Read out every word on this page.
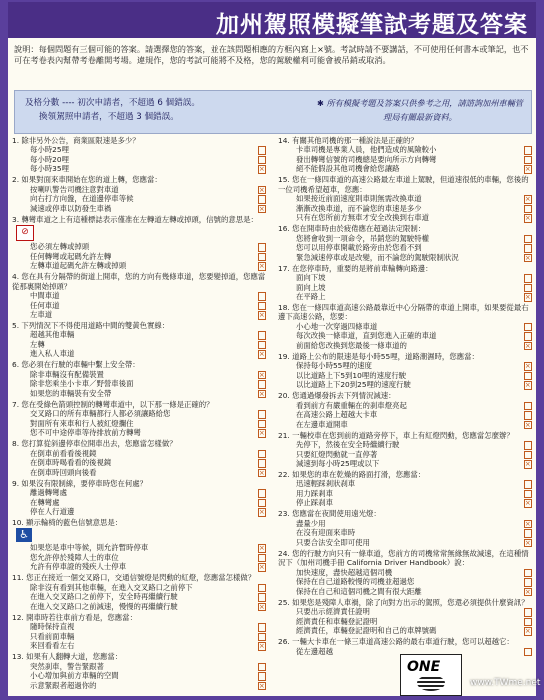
加州駕照模擬筆試考題及答案
說明：每個問題有三個可能的答案。請選擇您的答案，並在該問題相應的方框內寫上×號。考試時請不要講話，不可使用任何書本或筆記，也不可在考卷表內幫帶考卷離開考場。違規作，您的考試可能將不及格，您的駕駛權利可能會被吊銷或取消。
及格分數 ---- 初次申請者，不超過 6 個錯誤。
換領駕照申請者，不超過 3 個錯誤。
✱ 所有模擬考題及答案只供參考之用，請諮詢加州車輛管理局有關最新資料。
1. 除非另外公告，商業區限速是多少？
每小時25哩
每小時20哩
每小時35哩	×
2. 如果對面來車開始在您的道上轉，您應當：
按喇叭警告司機注意對車道	×
向右打方向盤，在道邊停車等候
減速或停車以防發生車禍	×
3. 轉彎車道之上有這種標誌表示僅准在左轉道左轉或掉頭，信號的意思是：
⊘
您必須左轉或掉頭
任何轉彎或起碼允許左轉
左轉車道起碼允許左轉或掉頭	×
4. 您在具有分隔帶的街道上開車，您的方向有幾條車道，您要變掉道，您應當從那裏開始掉頭？
中間車道
任何車道
左車道	×
5. 下列情況下不得使用道路中間的雙黃色實線：
超越其他車輛
左轉
進入私人車道	×
6. 您必須在行駛的車輛中繫上安全帶：
除非車輛沒有配備裝置	×
除非您乘坐小卡車／野營車後面
如果您的車輛裝有安全帶	×
7. 您在受綠色箭頭控制的轉彎車道中，以下那一條是正確的？
交叉路口的所有車輛都行人都必須讓路給您
對面所有來車和行人被紅燈攔住
您不可中途停車等待排放前方轉彎	×
8. 您打算從斜邊停車位開車出去，您應當怎樣做？
在倒車前看看後視鏡
在倒車時喝看看的後視鏡
在倒車時回頭向後看	×
9. 如果沒有限制線，要停車時您在何處？
離過轉彎處
在轉彎處
停在人行道邊	×
10. 顯示輪椅的藍色信號意思是：
♿
如果您是車中等候，則允許暫時停車	×
您允許停於殘障人士的車位
允許有停車證的殘疾人士停車	×
11. 您正在接近一個交叉路口，交通信號燈是閃動的紅燈，您應當怎樣做？
除非沒有看到其他車輛，在進入交叉路口之前停下
在進入交叉路口之前停下，安全時再繼續行駛
在進入交叉路口之前減速，慢慢的再繼續行駛	×
12. 開車時若往車前方看是，您應當：
隨時保持直視
只看前面車輛
來回看看左右	×
13. 如果有人翻轉大道，您應當：
突然刹車，警告緊跟著
小心增加與前方車輛的空間
示意緊跟者超過你的	×
14. 有關其他司機的那一種說法是正確的？
卡車司機是專業人員，他們造成的風險較小
發出轉彎信號的司機總是要向所示方向轉彎
絕不能假設其他司機會給您讓路	×
15. 您在一條四車道的高速公路最左車道上駕駛，但道速很低的車輛，您後的一位司機希望超車，您應：
如果接近前面速度則車則無需改換車道	×
漸漸改換車道，而不論您的車速是多少
只有在您所前方無車才安全改換到右車道	×
16. 您在開車時由於疲倦應在超過法定限制：
您將會收到一項命令，吊銷您的駕駛特權
您可以用停車開載於路旁由於您看不到
緊急減速停車或是改變，而不論您的駕駛限制狀況	×
17. 在您停車時，重要的是將前車輪轉向路邊：
面向下坡
面向上坡
在平路上	×
18. 您在一條四車道高速公路最靠近中心分隔帶的車道上開車，如果要從最右邊下高速公路，您要：
小心地一次穿過四條車道
每次改換一條車道，直到您進入正確的車道
前面給您改換到您最後一條車道的	×
19. 道路上公布的限速是每小時55哩，道路潮濕時，您應當：
保持每小時55哩的速度	×
以比道路上下5到10哩的速度行駛
以比道路上下20到25哩的速度行駛	×
20. 您通過爆發拆去下列情況減速：
看到前方有嚴重輛在的刹車燈亮起
在高速公路上超越大卡車
在左邊車道開車	×
21. 一輛校車在您到前的道路旁停下，車上有紅燈閃動，您應當怎麼辦？
先停下，然後在安全時繼續行駛
只要紅燈閃動就一直停著
減速到每小時25哩或以下	×
22. 如果您的車在乾燥的路面打滑，您應當：
迅速輕踩剎狀刹車
用力踩剎車
停止踩刹車	×
23. 您應當在夜間使用遠光燈：
盡量少用	×
在沒有迎面來車時
只要合法安全即可使用	×
24. 您的行駛方向只有一條車道，您前方的司機常常無緣無故減速，在這種情況下（加州司機手冊 California Driver Handbook）說：
加快速度，盡快超越這個司機
保持在自己道路較慢的司機並超過您
保持在自己和這個司機之間有很大距離	×
25. 如果您是殘障人車禍，除了向對方出示的駕照，您還必須提供什麼資訊？
只要出示經濟責任證明
經濟責任和車輛登記證明
經濟責任，車輛登記證明和自己的車牌號碼	×
26. 一輛大卡車在一條三車道高速公路的最右車道行駛，您可以超越它：
從左邊超越
ONE
www.TWme.net
